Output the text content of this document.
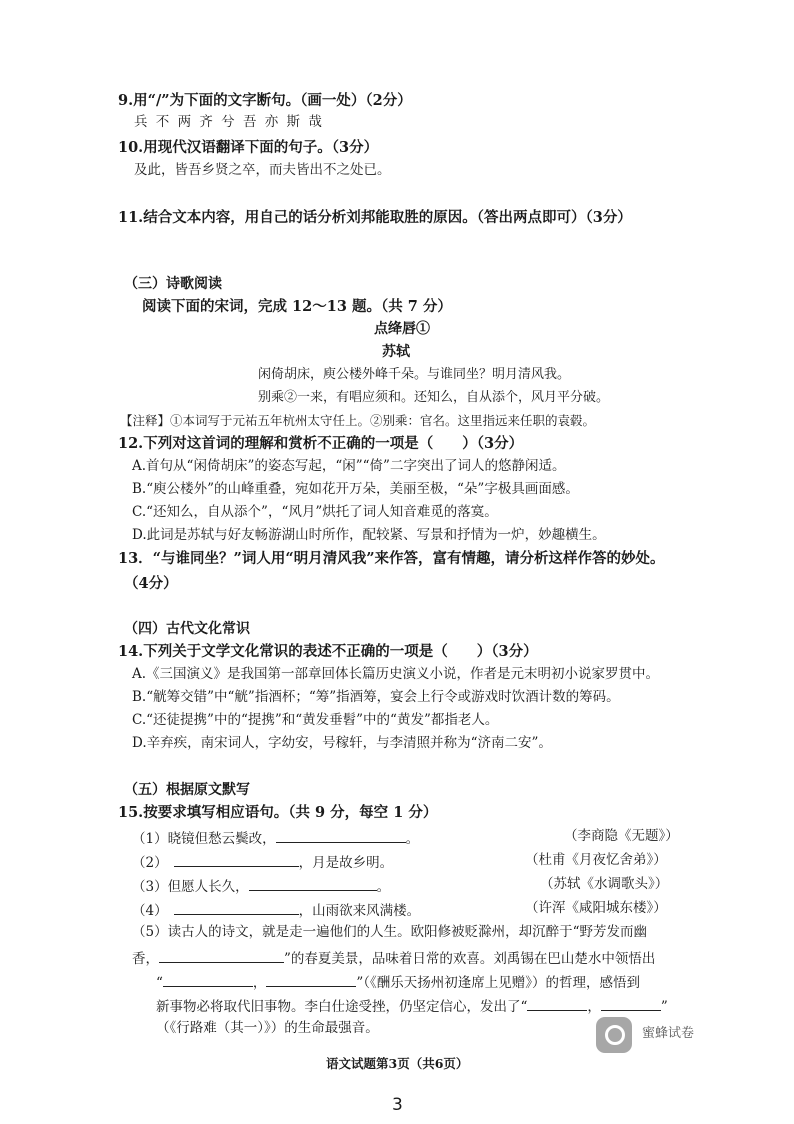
9.用“/”为下面的文字断句。（画一处）（2分）
兵 不 两 齐 兮 吾 亦 斯 哉
10.用现代汉语翻译下面的句子。（3分）
及此，皆吾乡贤之卒，而夫皆出不之处已。
11.结合文本内容，用自己的话分析刘邦能取胜的原因。（答出两点即可）（3分）
（三）诗歌阅读
阅读下面的宋词，完成 12～13 题。（共 7 分）
点绛唇①
苏轼
闲倚胡床，庾公楼外峰千朵。与谁同坐？明月清风我。
别乘②一来，有唱应须和。还知么，自从添个，风月平分破。
【注释】①本词写于元祐五年杭州太守任上。②别乘：官名。这里指远来任职的袁毂。
12.下列对这首词的理解和赏析不正确的一项是（　　）（3分）
A.首句从“闲倚胡床”的姿态写起，“闲”“倚”二字突出了词人的悠静闲适。
B.“庾公楼外”的山峰重叠，宛如花开万朵，美丽至极，“朵”字极具画面感。
C.“还知么，自从添个”，“风月”烘托了词人知音难觅的落寞。
D.此词是苏轼与好友畅游湖山时所作，配较紧、写景和抒情为一炉，妙趣横生。
13．“与谁同坐？”词人用“明月清风我”来作答，富有情趣，请分析这样作答的妙处。
（4分）
（四）古代文化常识
14.下列关于文学文化常识的表述不正确的一项是（　　）（3分）
A.《三国演义》是我国第一部章回体长篇历史演义小说，作者是元末明初小说家罗贯中。
B.“觥筹交错”中“觥”指酒杯；“筹”指酒筹，宴会上行令或游戏时饮酒计数的筹码。
C.“还徒提携”中的“提携”和“黄发垂髫”中的“黄发”都指老人。
D.辛弃疾，南宋词人，字幼安，号稼轩，与李清照并称为“济南二安”。
（五）根据原文默写
15.按要求填写相应语句。（共 9 分，每空 1 分）
（1）晓镜但愁云鬓改，	。	（李商隐《无题》）
（2）	，月是故乡明。	（杜甫《月夜忆舍弟》）
（3）但愿人长久，	。	（苏轼《水调歌头》）
（4）	，山雨欲来风满楼。	（许浑《咸阳城东楼》）
（5）读古人的诗文，就是走一遍他们的人生。欧阳修被贬滁州，却沉醉于“野芳发而幽
香，	”的春夏美景，品味着日常的欢喜。刘禹锡在巴山楚水中领悟出
“	，	”（《酬乐天扬州初逢席上见赠》）的哲理，感悟到
新事物必将取代旧事物。李白仕途受挫，仍坚定信心，发出了“	，	”
（《行路难（其一）》）的生命最强音。	蜜蜂试卷
语文试题第3页（共6页）
3
